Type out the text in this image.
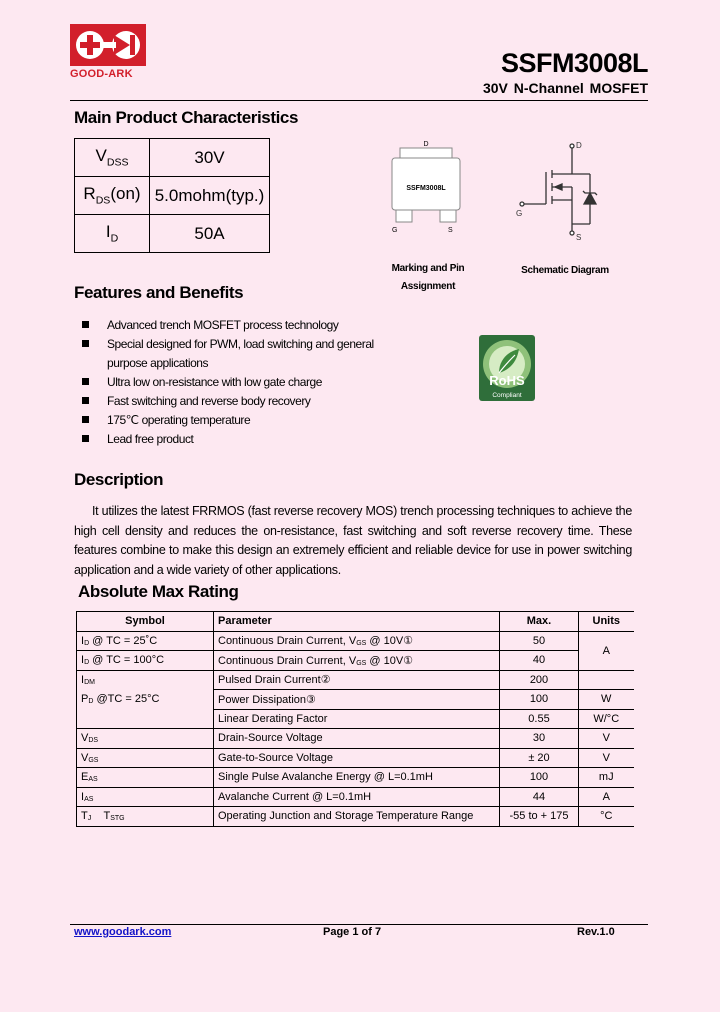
GOOD-ARK	SSFM3008L
30V N-Channel MOSFET
Main Product Characteristics
$V_{DSS}$	30V
$R_{DS}(on)$	5.0mohm(typ.)
$I_D$	50A
D
SSFM3008L
G	S
Marking and Pin
Assignment
D
G
S
Schematic Diagram
Features and Benefits
Advanced trench MOSFET process technology
Special designed for PWM, load switching and general purpose applications
Ultra low on-resistance with low gate charge
Fast switching and reverse body recovery
175℃ operating temperature
Lead free product
RoHS
Compliant
Description
It utilizes the latest FRRMOS (fast reverse recovery MOS) trench processing techniques to achieve the high cell density and reduces the on-resistance, fast switching and soft reverse recovery time. These features combine to make this design an extremely efficient and reliable device for use in power switching application and a wide variety of other applications.
Absolute Max Rating
Symbol	Parameter	Max.	Units
ID @ TC = 25˚C	Continuous Drain Current, VGS @ 10V①	50	A
ID @ TC = 100°C	Continuous Drain Current, VGS @ 10V①	40	
IDM	Pulsed Drain Current②	200	
PD @TC = 25°C	Power Dissipation③	100	W
	Linear Derating Factor	0.55	W/°C
VDS	Drain-Source Voltage	30	V
VGS	Gate-to-Source Voltage	± 20	V
EAS	Single Pulse Avalanche Energy @ L=0.1mH	100	mJ
IAS	Avalanche Current @ L=0.1mH	44	A
TJ TSTG	Operating Junction and Storage Temperature Range	-55 to + 175	°C
www.goodark.com	Page 1 of 7	Rev.1.0
